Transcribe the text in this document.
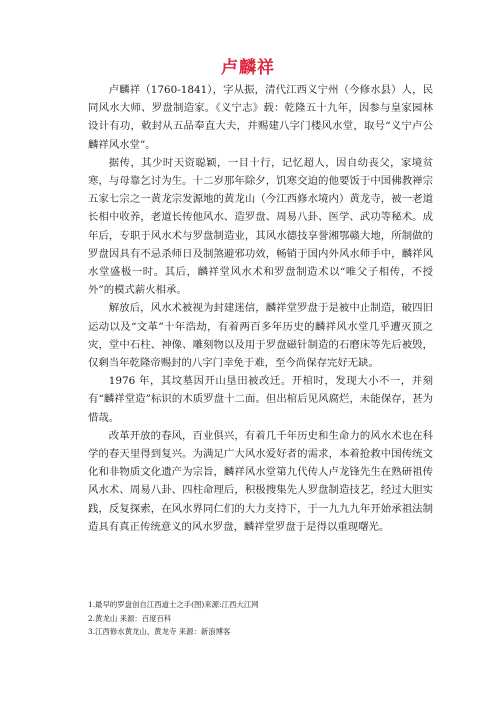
卢麟祥

卢麟祥（1760-1841），字从振，清代江西义宁州（今修水县）人，民同风水大师、罗盘制造家。《义宁志》载：乾隆五十九年，因参与皇家园林设计有功，敕封从五品奉直大夫，并赐建八字门楼风水堂，取号“义宁卢公麟祥风水堂”。

据传，其少时天资聪颖，一目十行，记忆超人，因自幼丧父，家境贫寒，与母靠乞讨为生。十二岁那年除夕，饥寒交迫的他要饭于中国佛教禅宗五家七宗之一黄龙宗发源地的黄龙山（今江西修水境内）黄龙寺，被一老道长相中收养，老道长传他风水、造罗盘、周易八卦、医学、武功等秘术。成年后，专职于风水术与罗盘制造业，其风水德技享誉湘鄂赣大地，所制做的罗盘因具有不忌杀师日及制煞避邪功效，畅销于国内外风水师手中，麟祥风水堂盛极一时。其后，麟祥堂风水术和罗盘制造术以“唯父子相传，不授外”的模式薪火相承。

解放后，风水术被视为封建迷信，麟祥堂罗盘于是被中止制造，破四旧运动以及“文革”十年浩劫，有着两百多年历史的麟祥风水堂几乎遭灭顶之灾，堂中石柱、神像、雕刻物以及用于罗盘磁针制造的石磨床等先后被毁，仅剩当年乾隆帝赐封的八字门幸免于难，至今尚保存完好无缺。

1976 年，其坟墓因开山垦田被改迁。开棺时，发现大小不一，并刻有“麟祥堂造”标识的木质罗盘十二面。但出棺后见风腐烂，未能保存，甚为惜哉。

改革开放的春风，百业俱兴，有着几千年历史和生命力的风水术也在科学的春天里得到复兴。为满足广大风水爱好者的需求，本着抢救中国传统文化和非物质文化遗产为宗旨，麟祥风水堂第九代传人卢龙锋先生在熟研祖传风水术、周易八卦、四柱命理后，积极搜集先人罗盘制造技艺，经过大胆实践，反复探索，在风水界同仁们的大力支持下，于一九九九年开始承祖法制造具有真正传统意义的风水罗盘，麟祥堂罗盘于是得以重现曙光。

1.最早的罗盘创自江西道士之手(图)来源:江西大江网
2.黄龙山 来源：百度百科
3.江西修水黄龙山、黄龙寺 来源：新浪博客
